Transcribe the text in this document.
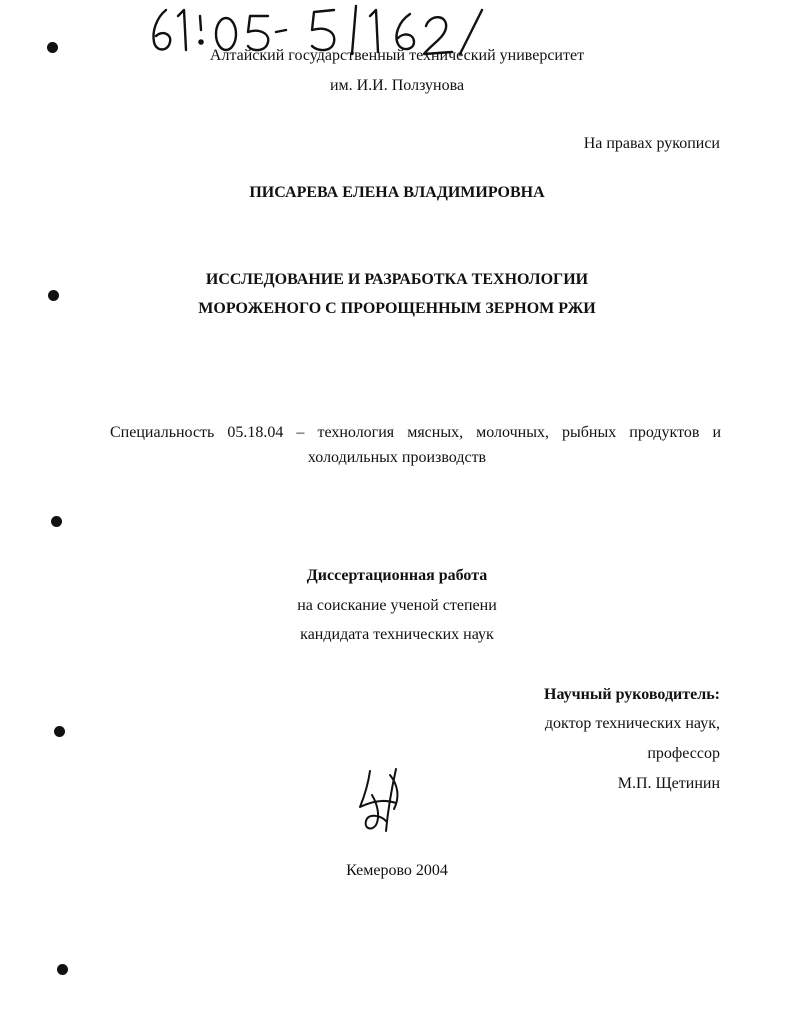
Алтайский государственный технический университет
им. И.И. Ползунова
На правах рукописи
ПИСАРЕВА ЕЛЕНА ВЛАДИМИРОВНА
ИССЛЕДОВАНИЕ И РАЗРАБОТКА ТЕХНОЛОГИИ
МОРОЖЕНОГО С ПРОРОЩЕННЫМ ЗЕРНОМ РЖИ
Специальность 05.18.04 – технология мясных, молочных, рыбных продуктов и
холодильных производств
Диссертационная работа
на соискание ученой степени
кандидата технических наук
Научный руководитель:
доктор технических наук,
профессор
М.П. Щетинин
Кемерово 2004
